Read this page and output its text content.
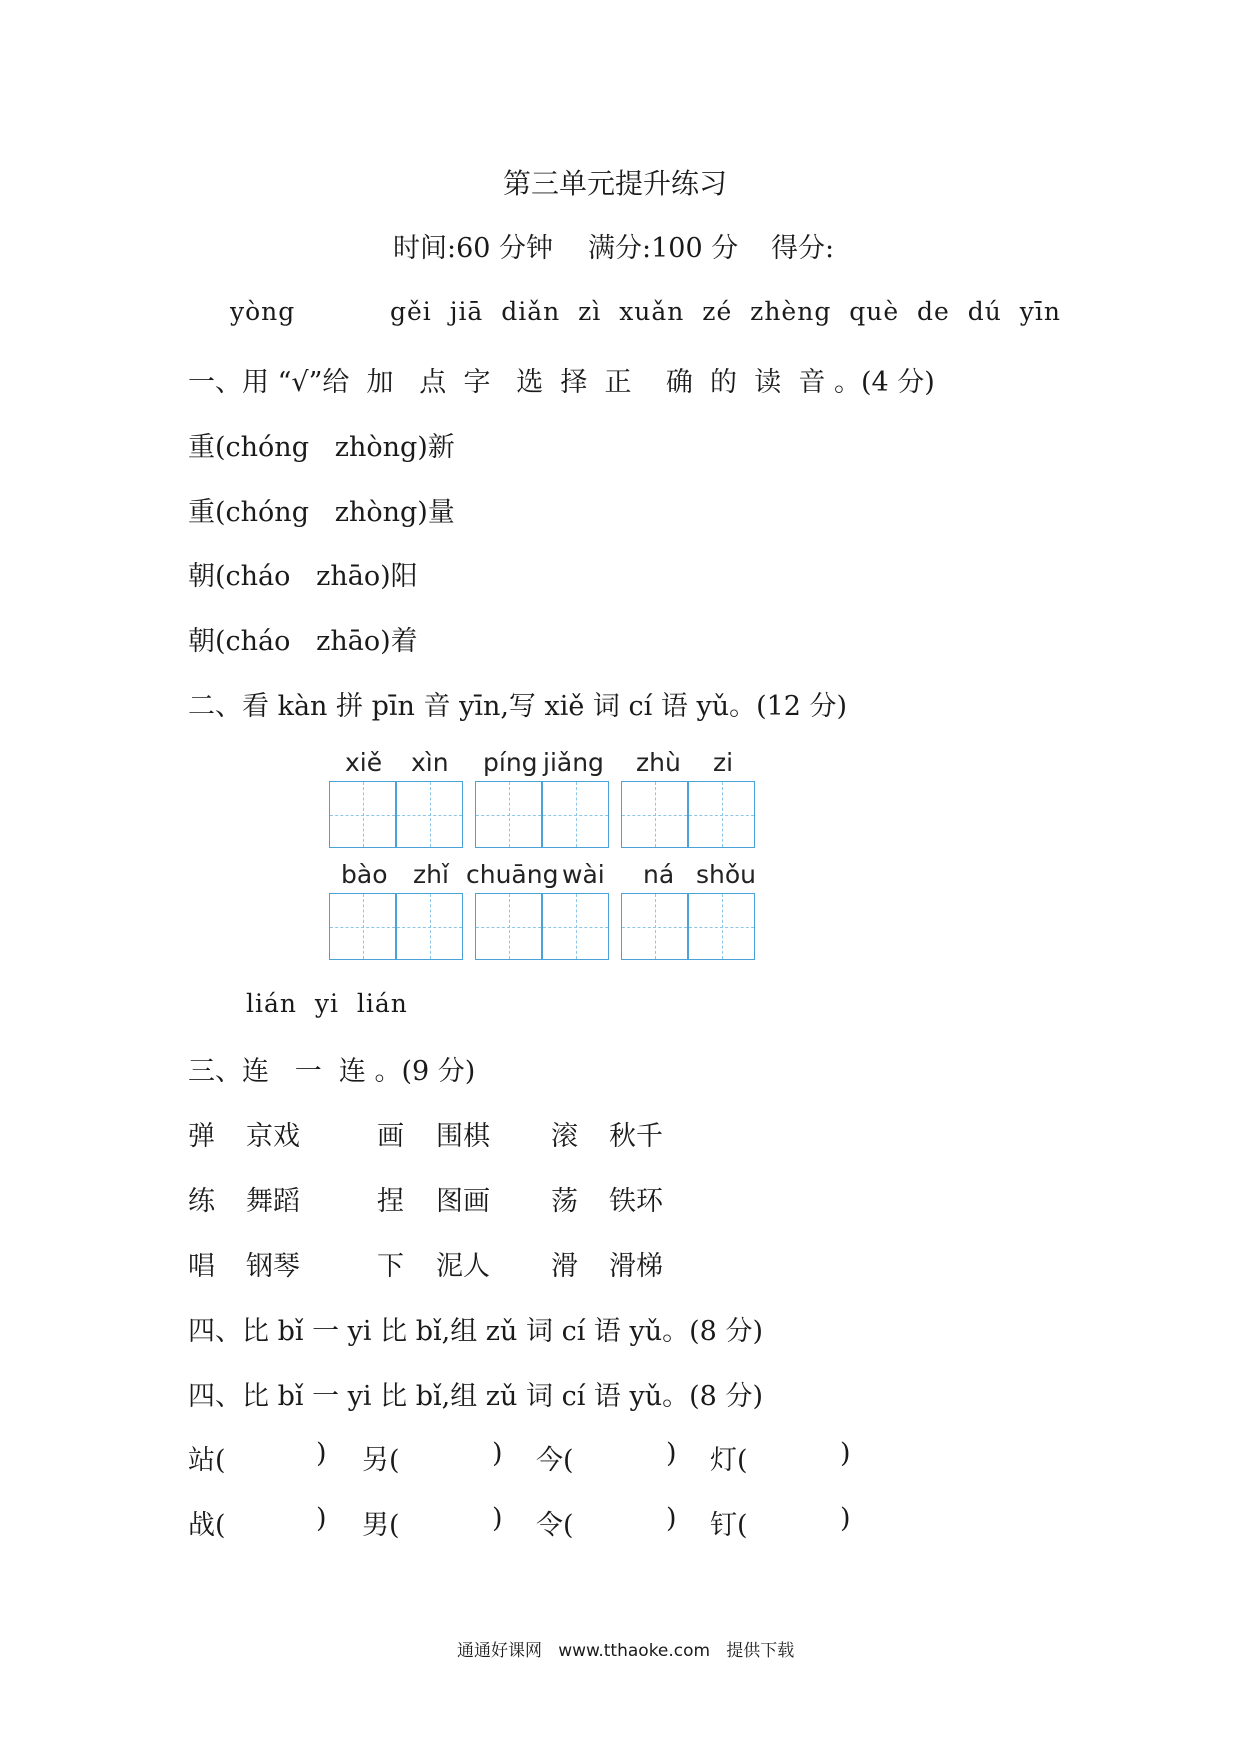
第三单元提升练习
时间:60 分钟 满分:100 分 得分:
yòng	gěi  jiā  diǎn  zì  xuǎn  zé  zhèng  què  de  dú  yīn
一、用 “√”给  加   点  字   选  择  正    确  的  读  音 。(4 分)
重(chóng   zhòng)新
重(chóng   zhòng)量
朝(cháo   zhāo)阳
朝(cháo   zhāo)着
二、看 kàn 拼 pīn 音 yīn,写 xiě 词 cí 语 yǔ。(12 分)
xiě xìn píng jiǎng zhù zi
bào zhǐ chuāng wài ná shǒu
lián  yi  lián
三、连   一  连 。(9 分)
弹 京戏	画 围棋 滚 秋千
练 舞蹈	捏 图画 荡 铁环
唱 钢琴	下 泥人 滑 滑梯
四、比 bǐ 一 yi 比 bǐ,组 zǔ 词 cí 语 yǔ。(8 分)
四、比 bǐ 一 yi 比 bǐ,组 zǔ 词 cí 语 yǔ。(8 分)
站(	) 另(	) 今(	) 灯(	)
战(	) 男(	) 令(	) 钉(	)
通通好课网   www.tthaoke.com   提供下载
